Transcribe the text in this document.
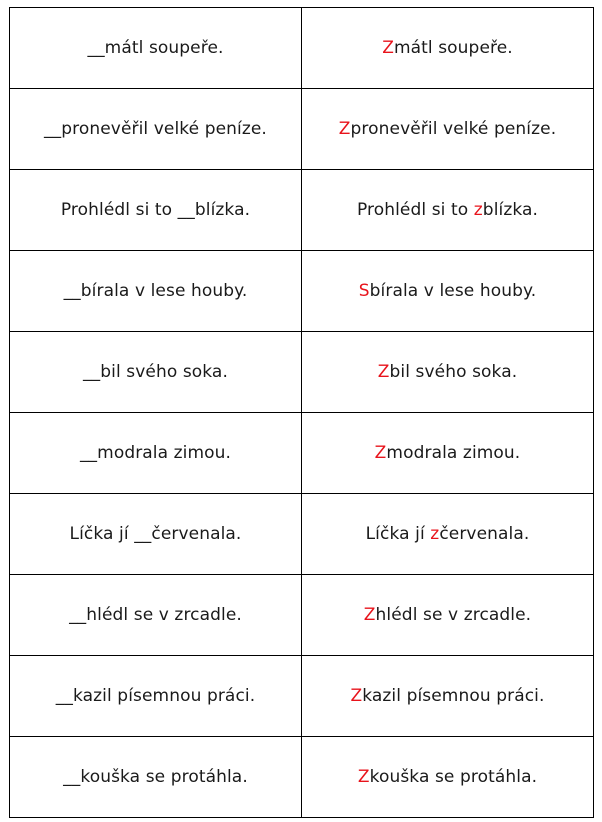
__mátl soupeře.	Zmátl soupeře.
__pronevěřil velké peníze.	Zpronevěřil velké peníze.
Prohlédl si to __blízka.	Prohlédl si to zblízka.
__bírala v lese houby.	Sbírala v lese houby.
__bil svého soka.	Zbil svého soka.
__modrala zimou.	Zmodrala zimou.
Líčka jí __červenala.	Líčka jí zčervenala.
__hlédl se v zrcadle.	Zhlédl se v zrcadle.
__kazil písemnou práci.	Zkazil písemnou práci.
__kouška se protáhla.	Zkouška se protáhla.
